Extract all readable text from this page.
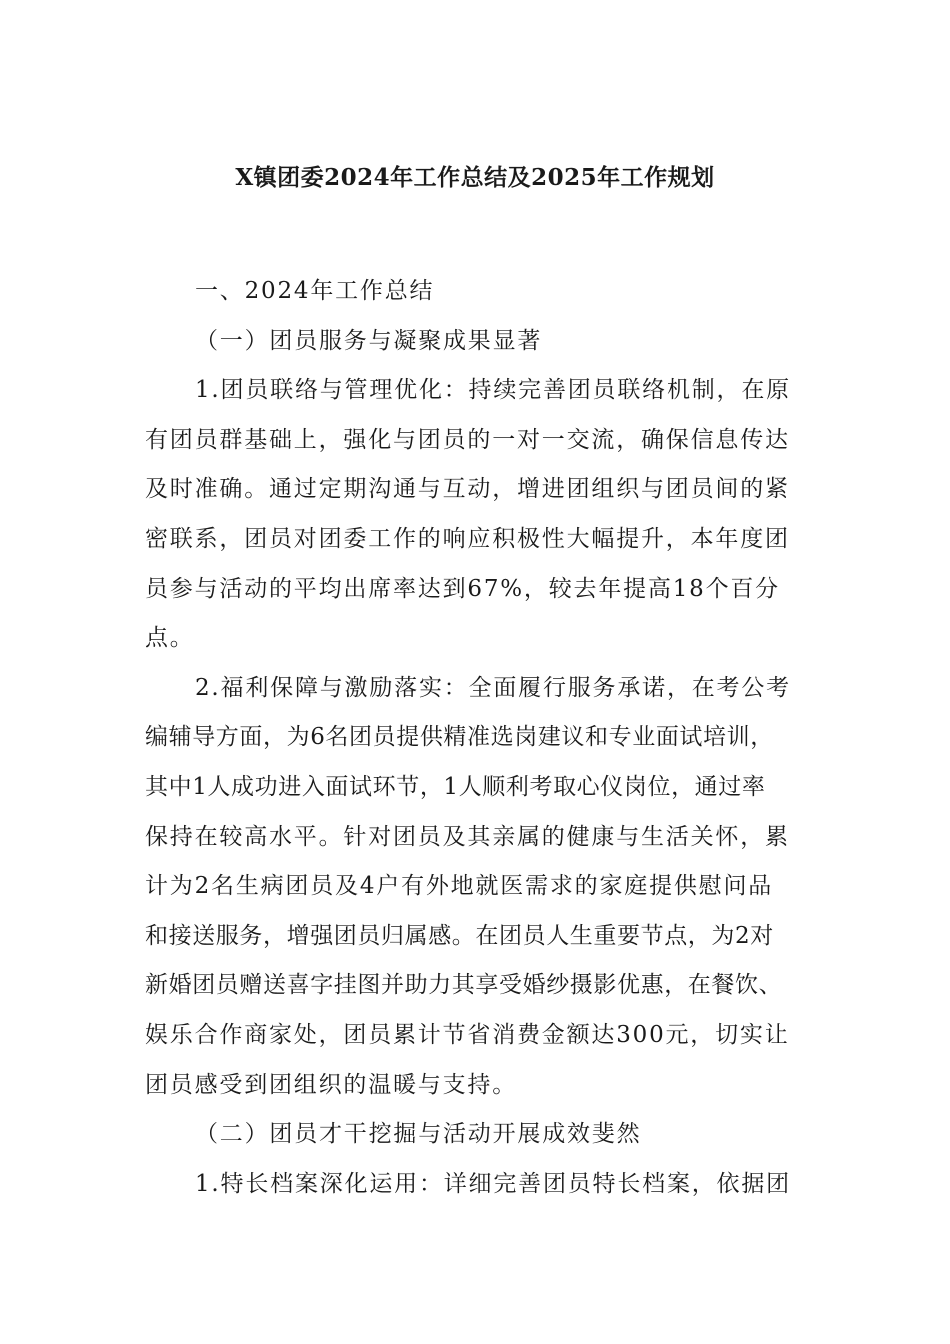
X镇团委2024年工作总结及2025年工作规划
一、2024年工作总结
（一）团员服务与凝聚成果显著
1.团员联络与管理优化：持续完善团员联络机制，在原
有团员群基础上，强化与团员的一对一交流，确保信息传达
及时准确。通过定期沟通与互动，增进团组织与团员间的紧
密联系，团员对团委工作的响应积极性大幅提升，本年度团
员参与活动的平均出席率达到67%，较去年提高18个百分
点。
2.福利保障与激励落实：全面履行服务承诺，在考公考
编辅导方面，为6名团员提供精准选岗建议和专业面试培训，
其中1人成功进入面试环节，1人顺利考取心仪岗位，通过率
保持在较高水平。针对团员及其亲属的健康与生活关怀，累
计为2名生病团员及4户有外地就医需求的家庭提供慰问品
和接送服务，增强团员归属感。在团员人生重要节点，为2对
新婚团员赠送喜字挂图并助力其享受婚纱摄影优惠，在餐饮、
娱乐合作商家处，团员累计节省消费金额达300元，切实让
团员感受到团组织的温暖与支持。
（二）团员才干挖掘与活动开展成效斐然
1.特长档案深化运用：详细完善团员特长档案，依据团
